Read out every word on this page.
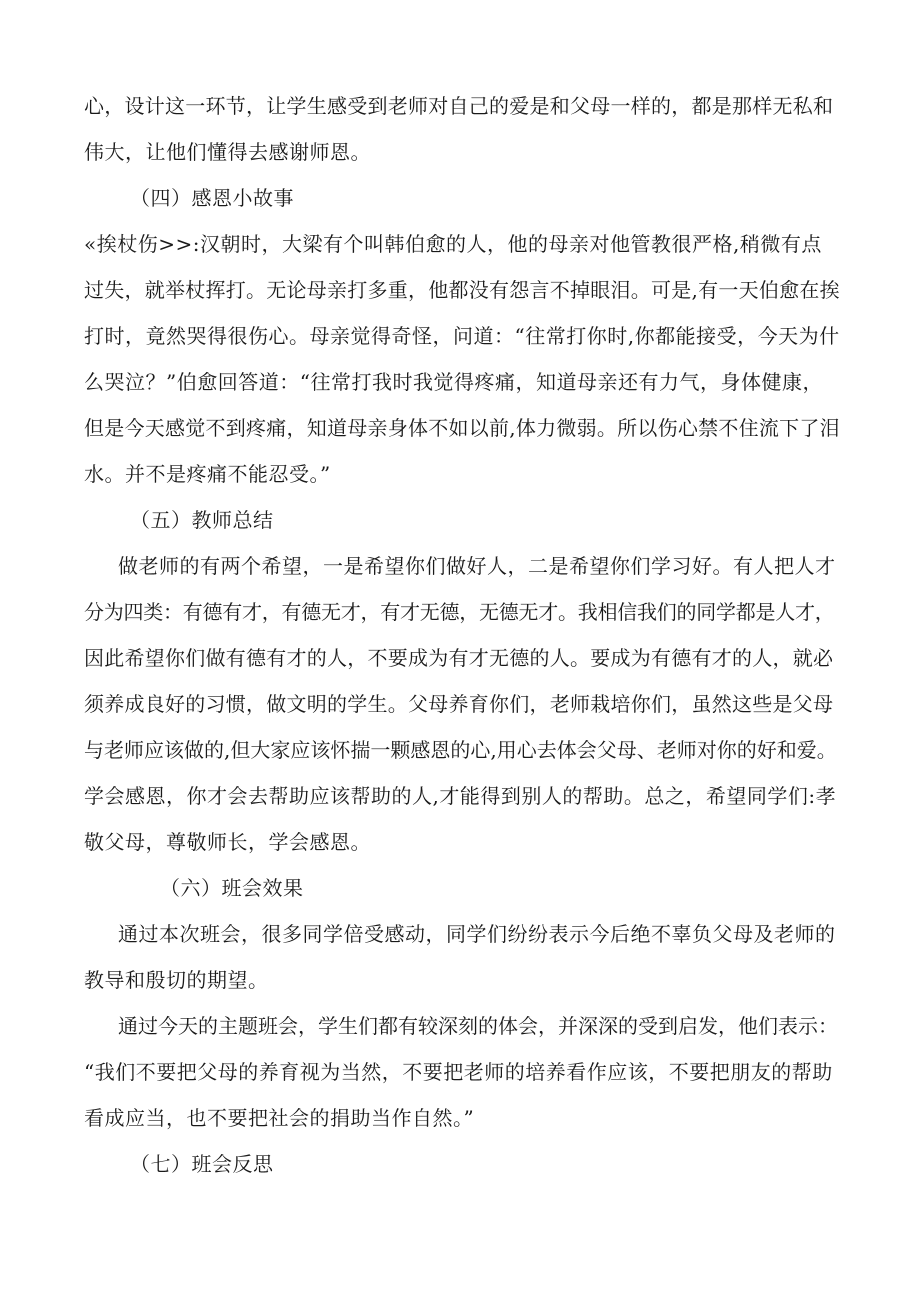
心，设计这一环节，让学生感受到老师对自己的爱是和父母一样的，都是那样无私和
伟大，让他们懂得去感谢师恩。
（四）感恩小故事
«挨杖伤>>:汉朝时，大梁有个叫韩伯愈的人，他的母亲对他管教很严格,稍微有点
过失，就举杖挥打。无论母亲打多重，他都没有怨言不掉眼泪。可是,有一天伯愈在挨
打时，竟然哭得很伤心。母亲觉得奇怪，问道：“往常打你时,你都能接受，今天为什
么哭泣？”伯愈回答道：“往常打我时我觉得疼痛，知道母亲还有力气，身体健康，
但是今天感觉不到疼痛，知道母亲身体不如以前,体力微弱。所以伤心禁不住流下了泪
水。并不是疼痛不能忍受。”
（五）教师总结
做老师的有两个希望，一是希望你们做好人，二是希望你们学习好。有人把人才
分为四类：有德有才，有德无才，有才无德，无德无才。我相信我们的同学都是人才，
因此希望你们做有德有才的人，不要成为有才无德的人。要成为有德有才的人，就必
须养成良好的习惯，做文明的学生。父母养育你们，老师栽培你们，虽然这些是父母
与老师应该做的,但大家应该怀揣一颗感恩的心,用心去体会父母、老师对你的好和爱。
学会感恩，你才会去帮助应该帮助的人,才能得到别人的帮助。总之，希望同学们:孝
敬父母，尊敬师长，学会感恩。
（六）班会效果
通过本次班会，很多同学倍受感动，同学们纷纷表示今后绝不辜负父母及老师的
教导和殷切的期望。
通过今天的主题班会，学生们都有较深刻的体会，并深深的受到启发，他们表示：
“我们不要把父母的养育视为当然，不要把老师的培养看作应该，不要把朋友的帮助
看成应当，也不要把社会的捐助当作自然。”
（七）班会反思
